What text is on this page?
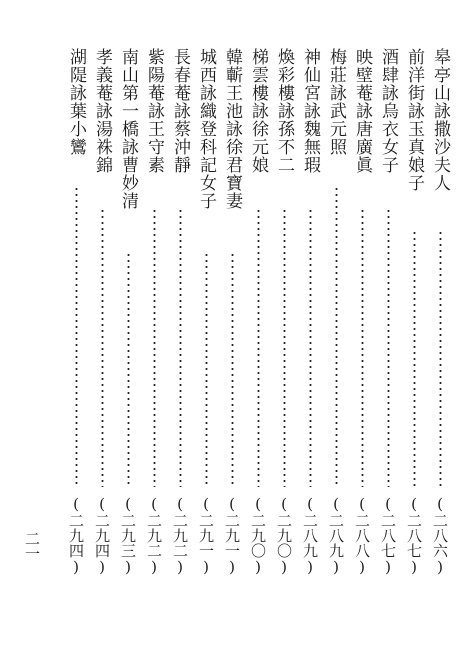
皋亭山詠撒沙夫人
(二八六)
前洋街詠玉真娘子
(二八七)
酒肆詠烏衣女子
(二八七)
映壁菴詠唐廣眞
(二八八)
梅莊詠武元照
(二八九)
神仙宮詠魏無瑕
(二八九)
煥彩樓詠孫不二
(二九〇)
梯雲樓詠徐元娘
(二九〇)
韓蘄王池詠徐君寶妻
(二九一)
城西詠織登科記女子
(二九一)
長春菴詠蔡沖靜
(二九二)
紫陽菴詠王守素
(二九二)
南山第一橋詠曹妙清
(二九三)
孝義菴詠湯袾錦
(二九四)
湖隄詠葉小鸞
(二九四)
二一
